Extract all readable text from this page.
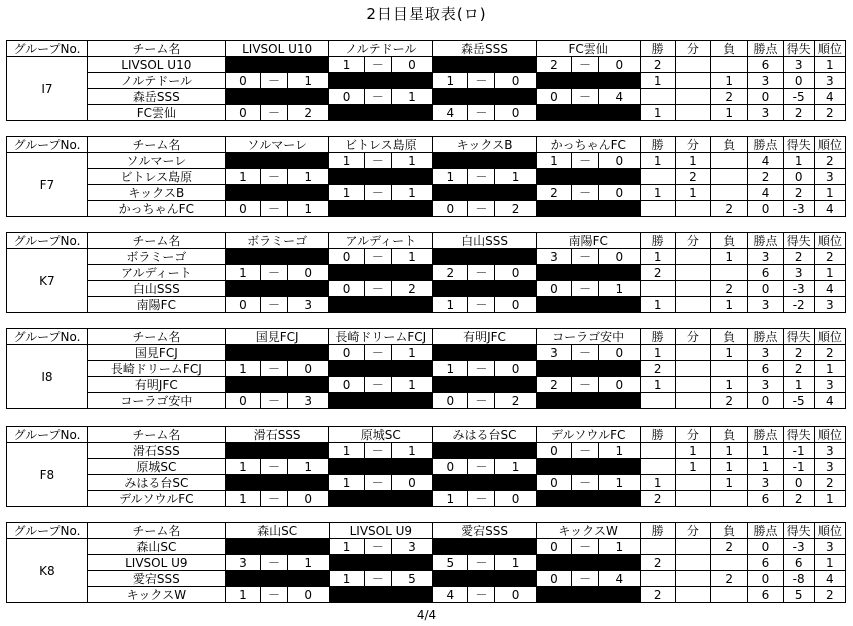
2日目星取表(ロ)
グループNo.	チーム名	LIVSOL U10			ノルテドール			森岳SSS			FC雲仙			勝	分	負	勝点	得失	順位
I7	LIVSOL U10				1	－	0				2	－	0	2			6	3	1
	ノルテドール	0	－	1				1	－	0				1		1	3	0	3
	森岳SSS				0	－	1				0	－	4			2	0	-5	4
	FC雲仙	0	－	2				4	－	0				1		1	3	2	2
グループNo.	チーム名	ソルマーレ			ビトレス島原			キックスB			かっちゃんFC			勝	分	負	勝点	得失	順位
F7	ソルマーレ				1	－	1				1	－	0	1	1		4	1	2
	ビトレス島原	1	－	1				1	－	1					2		2	0	3
	キックスB				1	－	1				2	－	0	1	1		4	2	1
	かっちゃんFC	0	－	1				0	－	2						2	0	-3	4
グループNo.	チーム名	ボラミーゴ			アルディート			白山SSS			南陽FC			勝	分	負	勝点	得失	順位
K7	ボラミーゴ				0	－	1				3	－	0	1		1	3	2	2
	アルディート	1	－	0				2	－	0				2			6	3	1
	白山SSS				0	－	2				0	－	1			2	0	-3	4
	南陽FC	0	－	3				1	－	0				1		1	3	-2	3
グループNo.	チーム名	国見FCJ			長崎ドリームFCJ			有明JFC			コーラゴ安中			勝	分	負	勝点	得失	順位
I8	国見FCJ				0	－	1				3	－	0	1		1	3	2	2
	長崎ドリームFCJ	1	－	0				1	－	0				2			6	2	1
	有明JFC				0	－	1				2	－	0	1		1	3	1	3
	コーラゴ安中	0	－	3				0	－	2						2	0	-5	4
グループNo.	チーム名	滑石SSS			原城SC			みはる台SC			デルソウルFC			勝	分	負	勝点	得失	順位
F8	滑石SSS				1	－	1				0	－	1		1	1	1	-1	3
	原城SC	1	－	1				0	－	1					1	1	1	-1	3
	みはる台SC				1	－	0				0	－	1	1		1	3	0	2
	デルソウルFC	1	－	0				1	－	0				2			6	2	1
グループNo.	チーム名	森山SC			LIVSOL U9			愛宕SSS			キックスW			勝	分	負	勝点	得失	順位
K8	森山SC				1	－	3				0	－	1			2	0	-3	3
	LIVSOL U9	3	－	1				5	－	1				2			6	6	1
	愛宕SSS				1	－	5				0	－	4			2	0	-8	4
	キックスW	1	－	0				4	－	0				2			6	5	2
4/4
